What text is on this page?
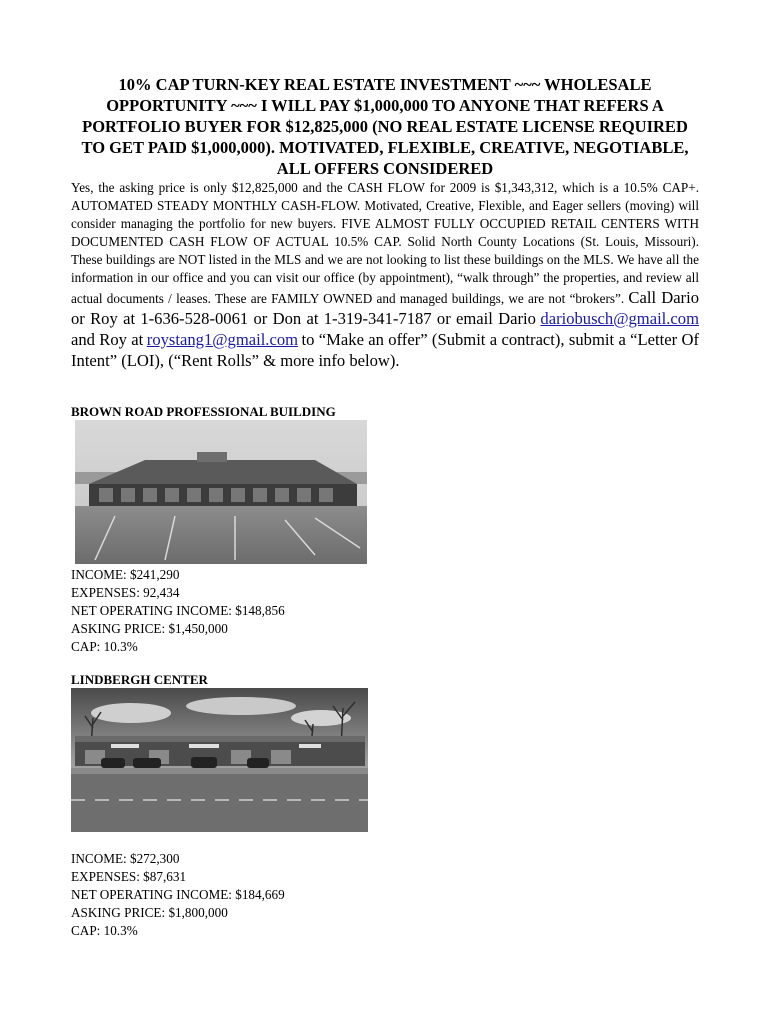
10% CAP TURN-KEY REAL ESTATE INVESTMENT ~~~ WHOLESALE OPPORTUNITY ~~~ I WILL PAY $1,000,000 TO ANYONE THAT REFERS A PORTFOLIO BUYER FOR $12,825,000 (NO REAL ESTATE LICENSE REQUIRED TO GET PAID $1,000,000). MOTIVATED, FLEXIBLE, CREATIVE, NEGOTIABLE, ALL OFFERS CONSIDERED

Yes, the asking price is only $12,825,000 and the CASH FLOW for 2009 is $1,343,312, which is a 10.5% CAP+. AUTOMATED STEADY MONTHLY CASH-FLOW. Motivated, Creative, Flexible, and Eager sellers (moving) will consider managing the portfolio for new buyers. FIVE ALMOST FULLY OCCUPIED RETAIL CENTERS WITH DOCUMENTED CASH FLOW OF ACTUAL 10.5% CAP. Solid North County Locations (St. Louis, Missouri). These buildings are NOT listed in the MLS and we are not looking to list these buildings on the MLS. We have all the information in our office and you can visit our office (by appointment), “walk through” the properties, and review all actual documents / leases. These are FAMILY OWNED and managed buildings, we are not “brokers”. Call Dario or Roy at 1-636-528-0061 or Don at 1-319-341-7187 or email Dario dariobusch@gmail.com and Roy at roystang1@gmail.com to “Make an offer” (Submit a contract), submit a “Letter Of Intent” (LOI), (“Rent Rolls” & more info below).

BROWN ROAD PROFESSIONAL BUILDING

INCOME: $241,290
EXPENSES: 92,434
NET OPERATING INCOME: $148,856
ASKING PRICE: $1,450,000
CAP: 10.3%

LINDBERGH CENTER

INCOME: $272,300
EXPENSES: $87,631
NET OPERATING INCOME: $184,669
ASKING PRICE: $1,800,000
CAP: 10.3%
